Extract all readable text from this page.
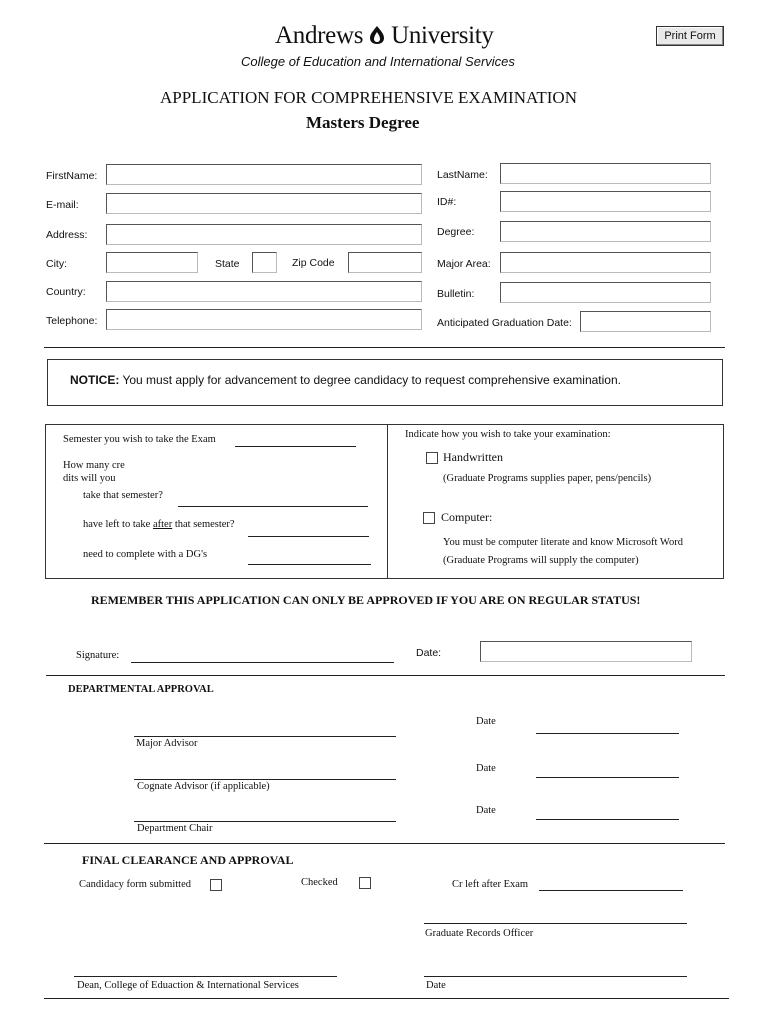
Andrews University
College of Education and International Services
Print Form
APPLICATION FOR COMPREHENSIVE EXAMINATION
Masters Degree
FirstName:	LastName:
E-mail:	ID#:
Address:	Degree:
City:	State	Zip Code	Major Area:
Country:	Bulletin:
Telephone:	Anticipated Graduation Date:
NOTICE: You must apply for advancement to degree candidacy to request comprehensive examination.
Semester you wish to take the Exam
How many cre
dits will you
take that semester?
have left to take after that semester?
need to complete with a DG's
Indicate how you wish to take your examination:
Handwritten
(Graduate Programs supplies paper, pens/pencils)
Computer:
You must be computer literate and know Microsoft Word
(Graduate Programs will supply the computer)
REMEMBER THIS APPLICATION CAN ONLY BE APPROVED IF YOU ARE ON REGULAR STATUS!
Signature:	Date:
DEPARTMENTAL APPROVAL
Date
Major Advisor
Date
Cognate Advisor (if applicable)
Date
Department Chair
FINAL CLEARANCE AND APPROVAL
Candidacy form submitted	Checked	Cr left after Exam
Graduate Records Officer
Dean, College of Eduaction & International Services	Date
